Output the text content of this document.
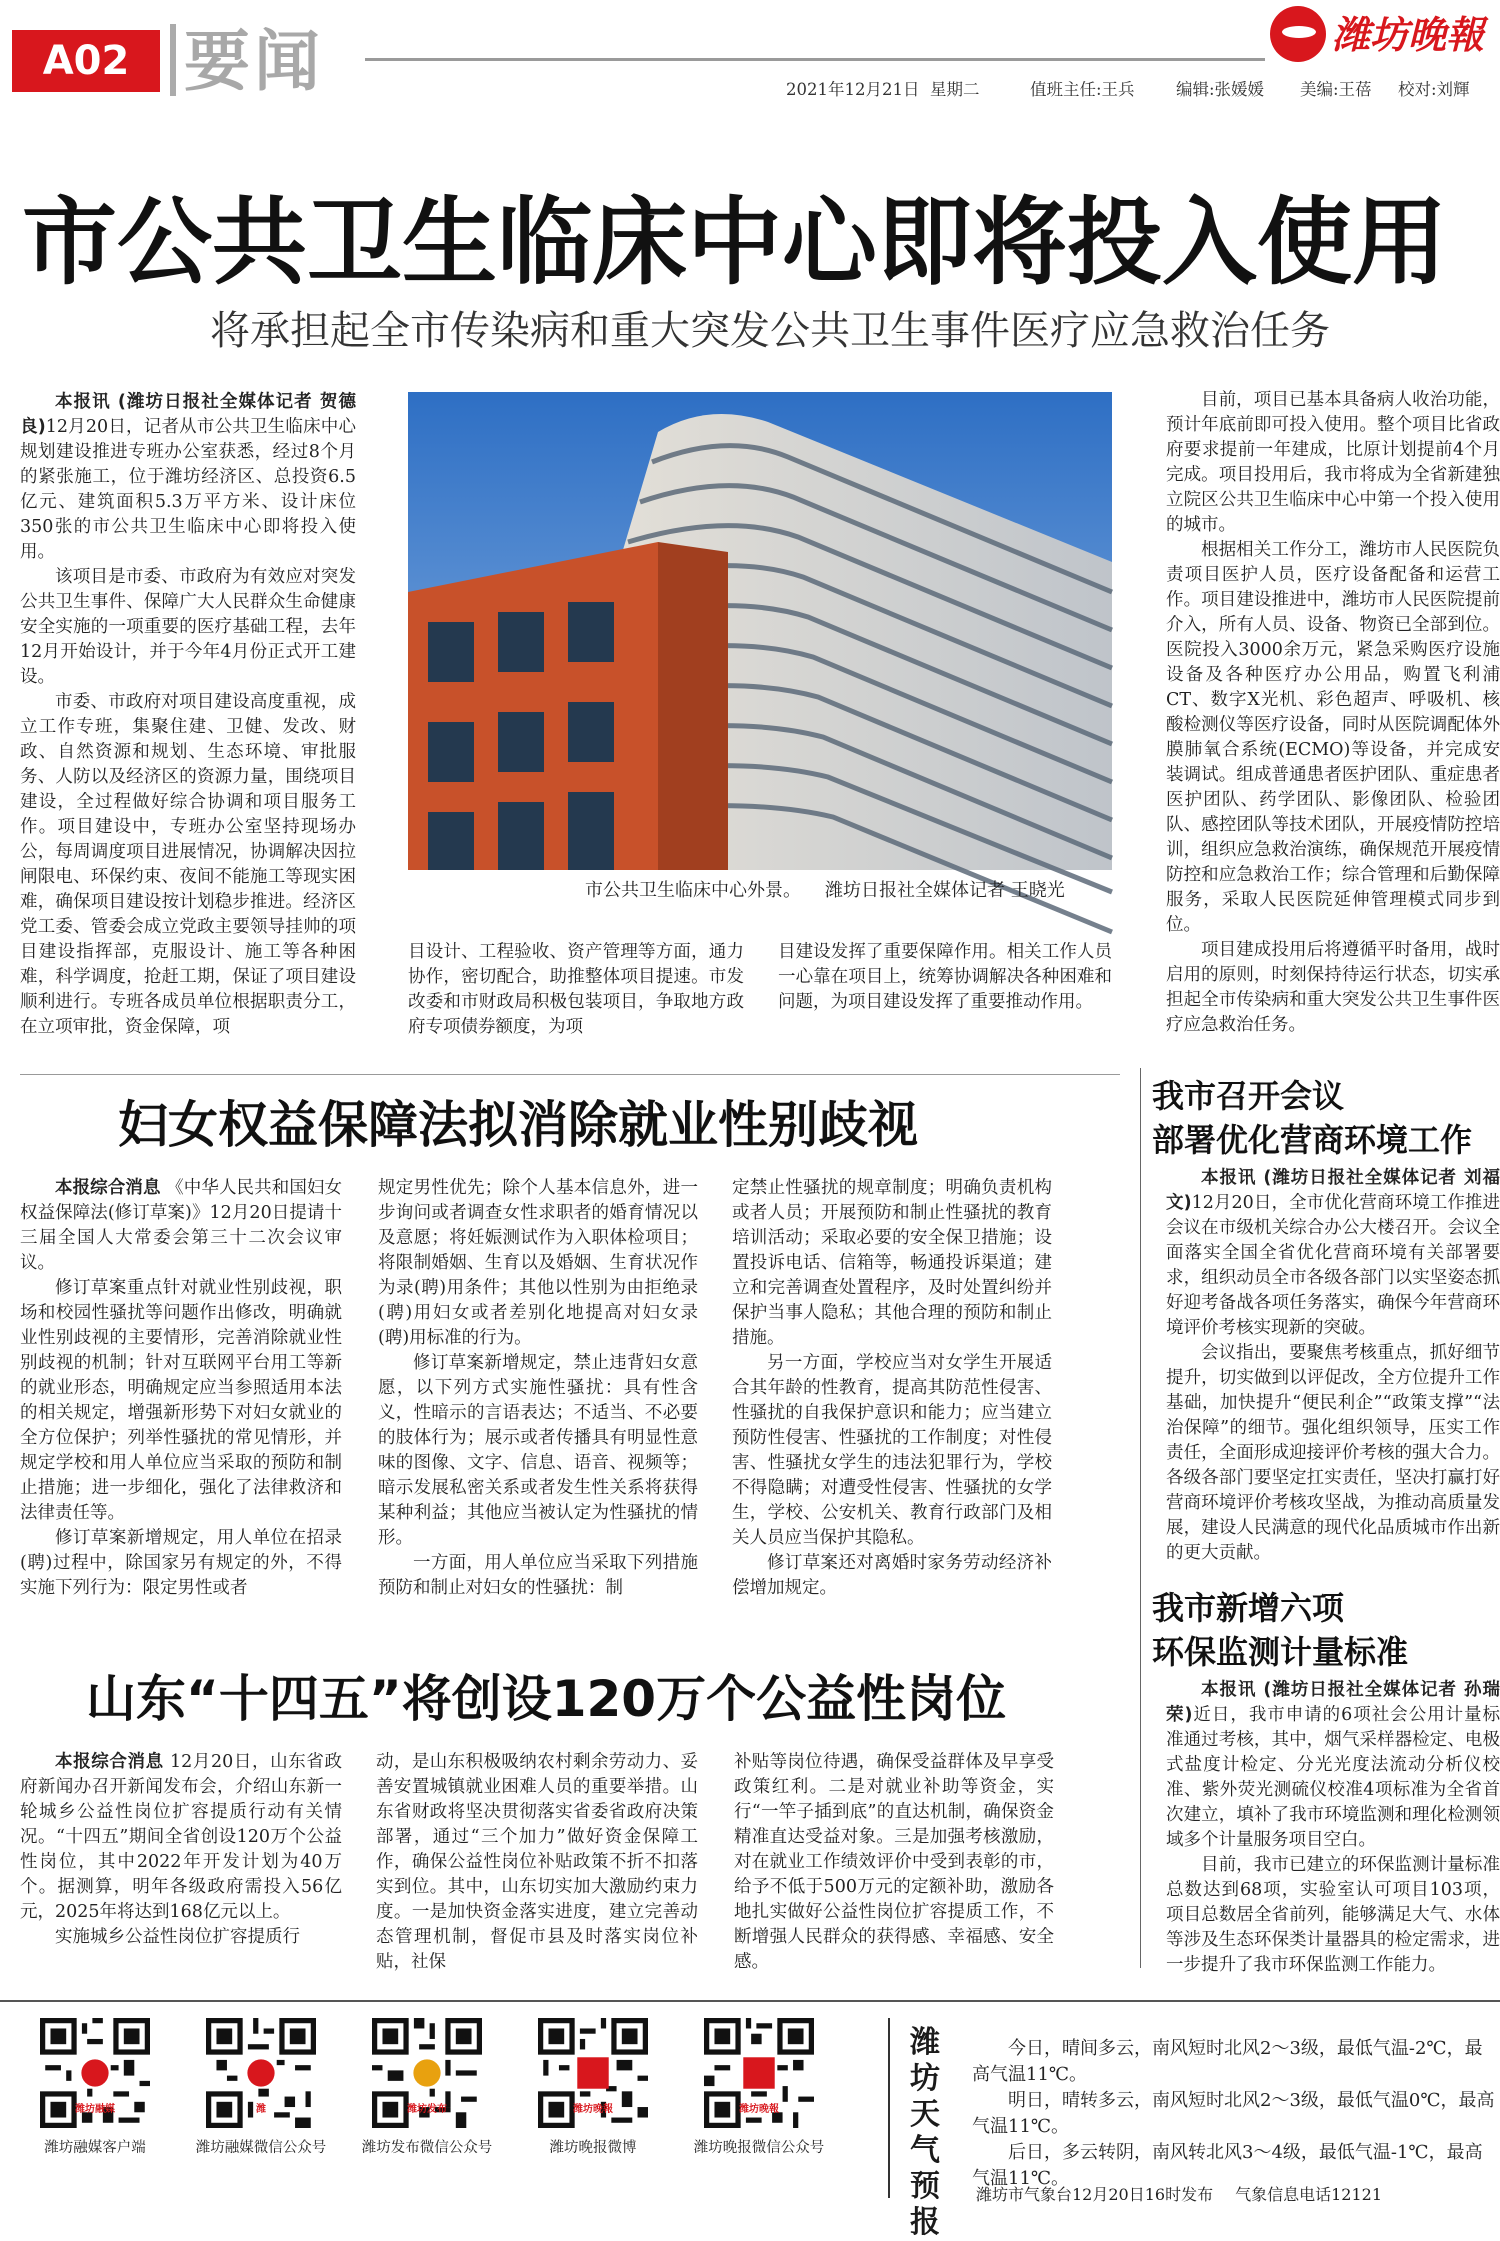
A02 要闻	潍坊晚報
2021年12月21日 星期二	值班主任:王兵	编辑:张媛媛 美编:王蓓 校对:刘輝
市公共卫生临床中心即将投入使用
将承担起全市传染病和重大突发公共卫生事件医疗应急救治任务

本报讯 (潍坊日报社全媒体记者 贺德良)12月20日，记者从市公共卫生临床中心规划建设推进专班办公室获悉，经过8个月的紧张施工，位于潍坊经济区、总投资6.5亿元、建筑面积5.3万平方米、设计床位350张的市公共卫生临床中心即将投入使用。

该项目是市委、市政府为有效应对突发公共卫生事件、保障广大人民群众生命健康安全实施的一项重要的医疗基础工程，去年12月开始设计，并于今年4月份正式开工建设。

市委、市政府对项目建设高度重视，成立工作专班，集聚住建、卫健、发改、财政、自然资源和规划、生态环境、审批服务、人防以及经济区的资源力量，围绕项目建设，全过程做好综合协调和项目服务工作。项目建设中，专班办公室坚持现场办公，每周调度项目进展情况，协调解决因拉闸限电、环保约束、夜间不能施工等现实困难，确保项目建设按计划稳步推进。经济区党工委、管委会成立党政主要领导挂帅的项目建设指挥部，克服设计、施工等各种困难，科学调度，抢赶工期，保证了项目建设顺利进行。专班各成员单位根据职责分工，在立项审批，资金保障，项

目设计、工程验收、资产管理等方面，通力协作，密切配合，助推整体项目提速。市发改委和市财政局积极包装项目，争取地方政府专项债券额度，为项

目建设发挥了重要保障作用。相关工作人员一心靠在项目上，统筹协调解决各种困难和问题，为项目建设发挥了重要推动作用。

目前，项目已基本具备病人收治功能，预计年底前即可投入使用。整个项目比省政府要求提前一年建成，比原计划提前4个月完成。项目投用后，我市将成为全省新建独立院区公共卫生临床中心中第一个投入使用的城市。

根据相关工作分工，潍坊市人民医院负责项目医护人员，医疗设备配备和运营工作。项目建设推进中，潍坊市人民医院提前介入，所有人员、设备、物资已全部到位。医院投入3000余万元，紧急采购医疗设施设备及各种医疗办公用品，购置飞利浦CT、数字X光机、彩色超声、呼吸机、核酸检测仪等医疗设备，同时从医院调配体外膜肺氧合系统(ECMO)等设备，并完成安装调试。组成普通患者医护团队、重症患者医护团队、药学团队、影像团队、检验团队、感控团队等技术团队，开展疫情防控培训，组织应急救治演练，确保规范开展疫情防控和应急救治工作；综合管理和后勤保障服务，采取人民医院延伸管理模式同步到位。

项目建成投用后将遵循平时备用，战时启用的原则，时刻保持待运行状态，切实承担起全市传染病和重大突发公共卫生事件医疗应急救治任务。

市公共卫生临床中心外景。 潍坊日报社全媒体记者 王晓光
妇女权益保障法拟消除就业性别歧视

本报综合消息 《中华人民共和国妇女权益保障法(修订草案)》12月20日提请十三届全国人大常委会第三十二次会议审议。

修订草案重点针对就业性别歧视，职场和校园性骚扰等问题作出修改，明确就业性别歧视的主要情形，完善消除就业性别歧视的机制；针对互联网平台用工等新的就业形态，明确规定应当参照适用本法的相关规定，增强新形势下对妇女就业的全方位保护；列举性骚扰的常见情形，并规定学校和用人单位应当采取的预防和制止措施；进一步细化，强化了法律救济和法律责任等。

修订草案新增规定，用人单位在招录(聘)过程中，除国家另有规定的外，不得实施下列行为：限定男性或者

规定男性优先；除个人基本信息外，进一步询问或者调查女性求职者的婚育情况以及意愿；将妊娠测试作为入职体检项目；将限制婚姻、生育以及婚姻、生育状况作为录(聘)用条件；其他以性别为由拒绝录(聘)用妇女或者差别化地提高对妇女录(聘)用标准的行为。

修订草案新增规定，禁止违背妇女意愿，以下列方式实施性骚扰：具有性含义，性暗示的言语表达；不适当、不必要的肢体行为；展示或者传播具有明显性意味的图像、文字、信息、语音、视频等；暗示发展私密关系或者发生性关系将获得某种利益；其他应当被认定为性骚扰的情形。

一方面，用人单位应当采取下列措施预防和制止对妇女的性骚扰：制

定禁止性骚扰的规章制度；明确负责机构或者人员；开展预防和制止性骚扰的教育培训活动；采取必要的安全保卫措施；设置投诉电话、信箱等，畅通投诉渠道；建立和完善调查处置程序，及时处置纠纷并保护当事人隐私；其他合理的预防和制止措施。

另一方面，学校应当对女学生开展适合其年龄的性教育，提高其防范性侵害、性骚扰的自我保护意识和能力；应当建立预防性侵害、性骚扰的工作制度；对性侵害、性骚扰女学生的违法犯罪行为，学校不得隐瞒；对遭受性侵害、性骚扰的女学生，学校、公安机关、教育行政部门及相关人员应当保护其隐私。

修订草案还对离婚时家务劳动经济补偿增加规定。

山东“十四五”将创设120万个公益性岗位

本报综合消息 12月20日，山东省政府新闻办召开新闻发布会，介绍山东新一轮城乡公益性岗位扩容提质行动有关情况。“十四五”期间全省创设120万个公益性岗位，其中2022年开发计划为40万个。据测算，明年各级政府需投入56亿元，2025年将达到168亿元以上。

实施城乡公益性岗位扩容提质行

动，是山东积极吸纳农村剩余劳动力、妥善安置城镇就业困难人员的重要举措。山东省财政将坚决贯彻落实省委省政府决策部署，通过“三个加力”做好资金保障工作，确保公益性岗位补贴政策不折不扣落实到位。其中，山东切实加大激励约束力度。一是加快资金落实进度，建立完善动态管理机制，督促市县及时落实岗位补贴，社保

补贴等岗位待遇，确保受益群体及早享受政策红利。二是对就业补助等资金，实行“一竿子插到底”的直达机制，确保资金精准直达受益对象。三是加强考核激励，对在就业工作绩效评价中受到表彰的市，给予不低于500万元的定额补助，激励各地扎实做好公益性岗位扩容提质工作，不断增强人民群众的获得感、幸福感、安全感。

我市召开会议
部署优化营商环境工作

本报讯 (潍坊日报社全媒体记者 刘福文)12月20日，全市优化营商环境工作推进会议在市级机关综合办公大楼召开。会议全面落实全国全省优化营商环境有关部署要求，组织动员全市各级各部门以实坚姿态抓好迎考备战各项任务落实，确保今年营商环境评价考核实现新的突破。

会议指出，要聚焦考核重点，抓好细节提升，切实做到以评促改，全方位提升工作基础，加快提升“便民利企”“政策支撑”“法治保障”的细节。强化组织领导，压实工作责任，全面形成迎接评价考核的强大合力。各级各部门要坚定扛实责任，坚决打赢打好营商环境评价考核攻坚战，为推动高质量发展，建设人民满意的现代化品质城市作出新的更大贡献。

我市新增六项
环保监测计量标准

本报讯 (潍坊日报社全媒体记者 孙瑞荣)近日，我市申请的6项社会公用计量标准通过考核，其中，烟气采样器检定、电极式盐度计检定、分光光度法流动分析仪校准、紫外荧光测硫仪校准4项标准为全省首次建立，填补了我市环境监测和理化检测领域多个计量服务项目空白。

目前，我市已建立的环保监测计量标准总数达到68项，实验室认可项目103项，项目总数居全省前列，能够满足大气、水体等涉及生态环保类计量器具的检定需求，进一步提升了我市环保监测工作能力。

潍坊融媒
潍坊融媒客户端
潍
潍坊融媒微信公众号
潍坊发布
潍坊发布微信公众号
潍坊晚報
潍坊晚报微博
潍坊晚報
潍坊晚报微信公众号
潍坊天气预报

今日，晴间多云，南风短时北风2～3级，最低气温-2℃，最高气温11℃。

明日，晴转多云，南风短时北风2～3级，最低气温0℃，最高气温11℃。

后日，多云转阴，南风转北风3～4级，最低气温-1℃，最高气温11℃。

潍坊市气象台12月20日16时发布 气象信息电话12121
